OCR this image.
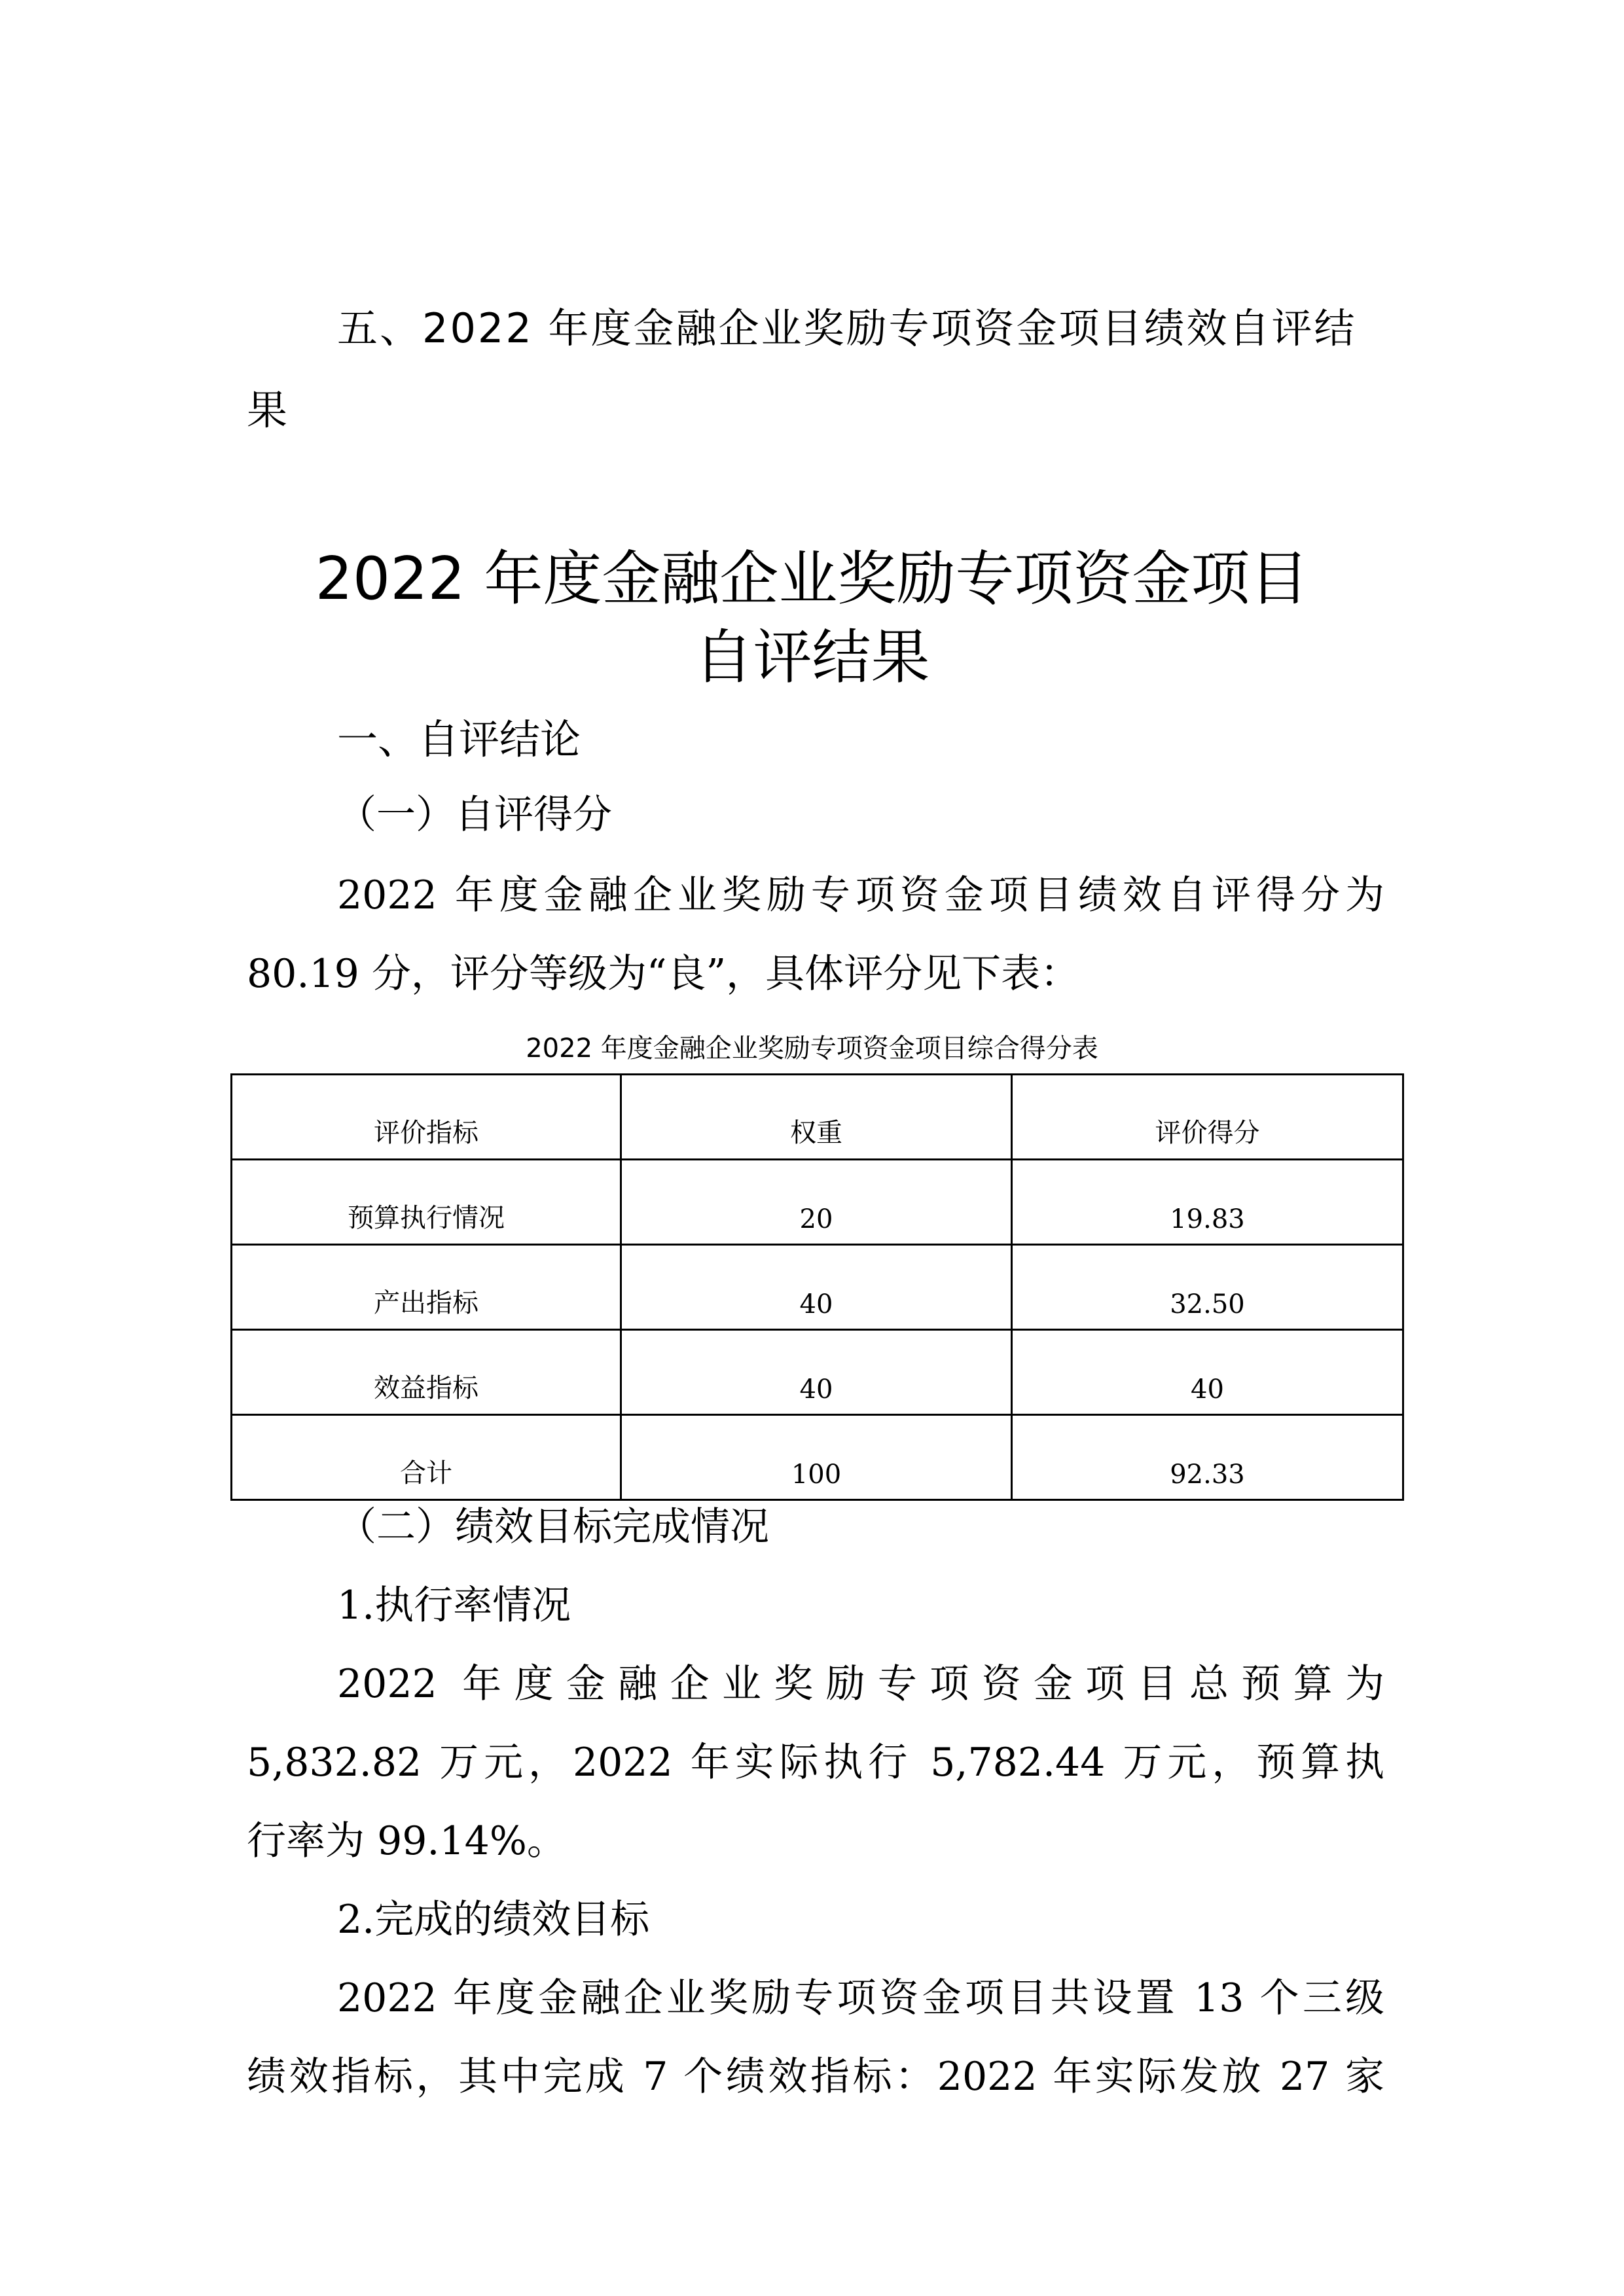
五、2022 年度金融企业奖励专项资金项目绩效自评结
果
2022 年度金融企业奖励专项资金项目
自评结果
一、自评结论
（一）自评得分
2022 年度金融企业奖励专项资金项目绩效自评得分为
80.19 分，评分等级为“良”，具体评分见下表：
2022 年度金融企业奖励专项资金项目综合得分表
评价指标	权重	评价得分
预算执行情况	20	19.83
产出指标	40	32.50
效益指标	40	40
合计	100	92.33
（二）绩效目标完成情况
1.执行率情况
2022 年度金融企业奖励专项资金项目总预算为
5,832.82 万元，2022 年实际执行 5,782.44 万元，预算执
行率为 99.14%。
2.完成的绩效目标
2022 年度金融企业奖励专项资金项目共设置 13 个三级
绩效指标，其中完成 7 个绩效指标：2022 年实际发放 27 家
